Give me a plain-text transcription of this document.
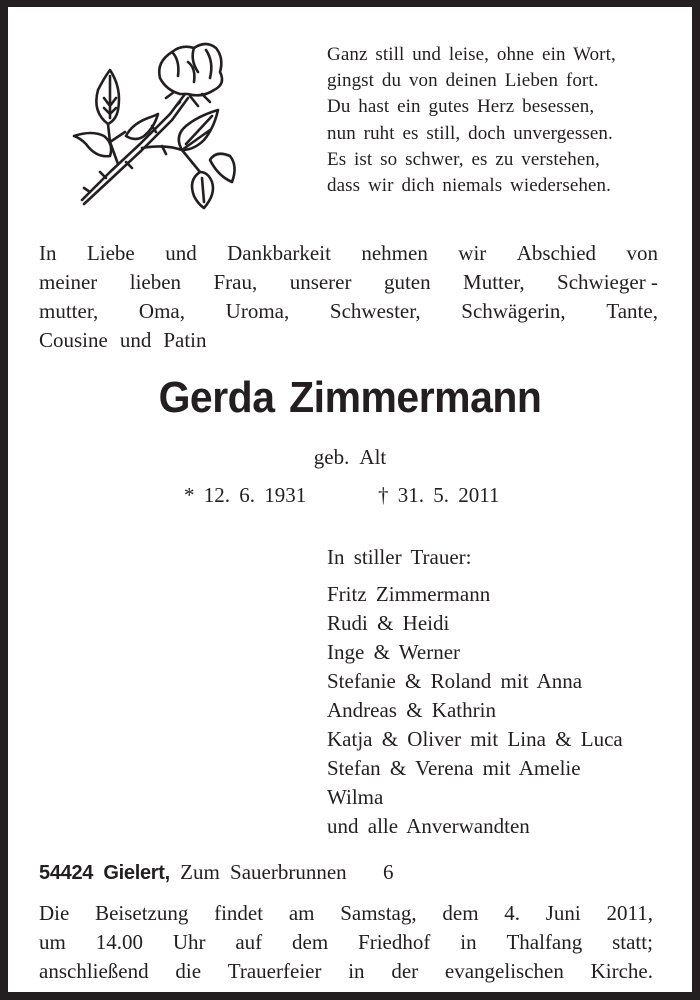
Ganz still und leise, ohne ein Wort,
gingst du von deinen Lieben fort.
Du hast ein gutes Herz besessen,
nun ruht es still, doch unvergessen.
Es ist so schwer, es zu verstehen,
dass wir dich niemals wiedersehen.
In Liebe und Dankbarkeit nehmen wir Abschied von
meiner lieben Frau, unserer guten Mutter, Schwieger -
mutter, Oma, Uroma, Schwester, Schwägerin, Tante,
Cousine und Patin
Gerda Zimmermann
geb. Alt
* 12. 6. 1931	† 31. 5. 2011
In stiller Trauer:
Fritz Zimmermann
Rudi & Heidi
Inge & Werner
Stefanie & Roland mit Anna
Andreas & Kathrin
Katja & Oliver mit Lina & Luca
Stefan & Verena mit Amelie
Wilma
und alle Anverwandten
54424 Gielert, Zum Sauerbrunnen 6
Die Beisetzung findet am Samstag, dem 4. Juni 2011,
um 14.00 Uhr auf dem Friedhof in Thalfang statt;
anschließend die Trauerfeier in der evangelischen Kirche.
